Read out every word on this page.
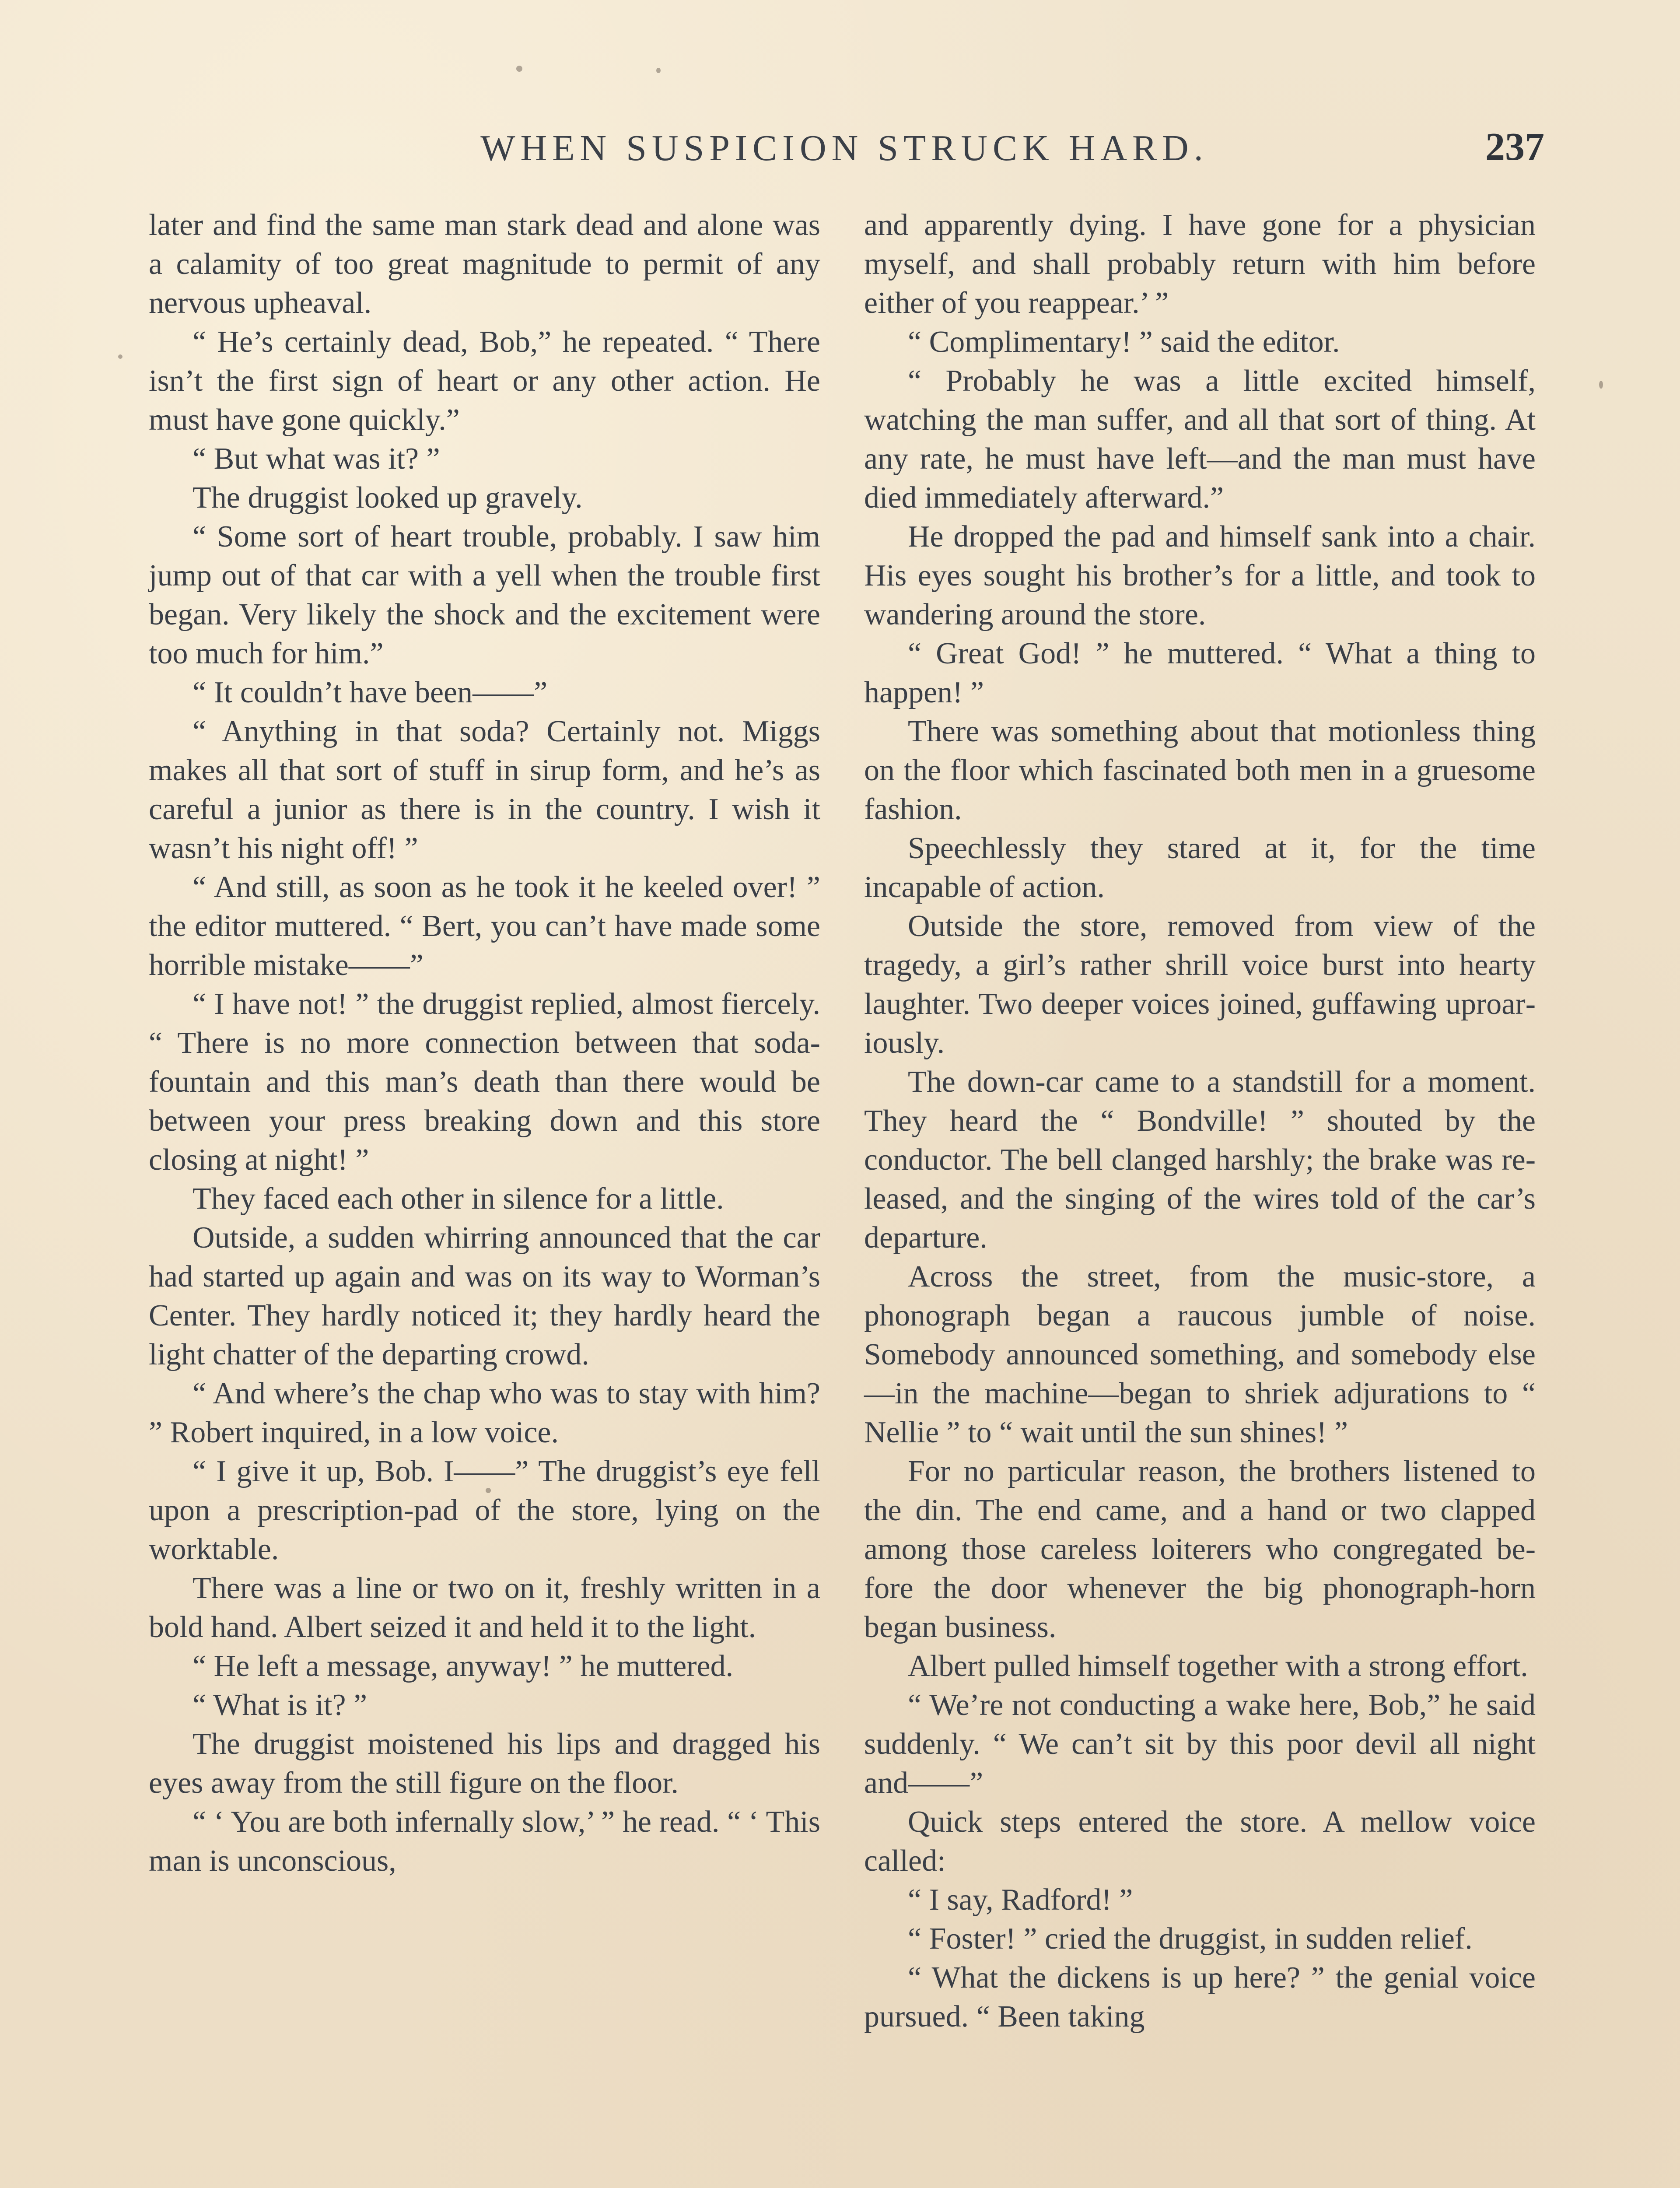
WHEN SUSPICION STRUCK HARD.	237

later and find the same man stark dead and alone was a calamity of too great magnitude to permit of any nervous upheaval.

“ He’s certainly dead, Bob,” he repeated. “ There isn’t the first sign of heart or any other action. He must have gone quickly.”

“ But what was it? ”

The druggist looked up gravely.

“ Some sort of heart trouble, probably. I saw him jump out of that car with a yell when the trouble first began. Very likely the shock and the excitement were too much for him.”

“ It couldn’t have been——”

“ Anything in that soda? Certainly not. Miggs makes all that sort of stuff in sirup form, and he’s as careful a junior as there is in the country. I wish it wasn’t his night off! ”

“ And still, as soon as he took it he keeled over! ” the editor muttered. “ Bert, you can’t have made some horrible mistake——”

“ I have not! ” the druggist replied, almost fiercely. “ There is no more connection between that soda-fountain and this man’s death than there would be between your press breaking down and this store closing at night! ”

They faced each other in silence for a little.

Outside, a sudden whirring announced that the car had started up again and was on its way to Worman’s Center. They hardly noticed it; they hardly heard the light chatter of the departing crowd.

“ And where’s the chap who was to stay with him? ” Robert inquired, in a low voice.

“ I give it up, Bob. I——” The druggist’s eye fell upon a prescription-pad of the store, lying on the worktable.

There was a line or two on it, freshly written in a bold hand. Albert seized it and held it to the light.

“ He left a message, anyway! ” he muttered.

“ What is it? ”

The druggist moistened his lips and dragged his eyes away from the still figure on the floor.

“ ‘ You are both infernally slow,’ ” he read. “ ‘ This man is unconscious,

and apparently dying. I have gone for a physician myself, and shall probably return with him before either of you reappear.’ ”

“ Complimentary! ” said the editor.

“ Probably he was a little excited himself, watching the man suffer, and all that sort of thing. At any rate, he must have left—and the man must have died immediately afterward.”

He dropped the pad and himself sank into a chair. His eyes sought his brother’s for a little, and took to wandering around the store.

“ Great God! ” he muttered. “ What a thing to happen! ”

There was something about that motionless thing on the floor which fascinated both men in a gruesome fashion.

Speechlessly they stared at it, for the time incapable of action.

Outside the store, removed from view of the tragedy, a girl’s rather shrill voice burst into hearty laughter. Two deeper voices joined, guffawing uproariously.

The down-car came to a standstill for a moment. They heard the “ Bondville! ” shouted by the conductor. The bell clanged harshly; the brake was released, and the singing of the wires told of the car’s departure.

Across the street, from the music-store, a phonograph began a raucous jumble of noise. Somebody announced something, and somebody else—in the machine—began to shriek adjurations to “ Nellie ” to “ wait until the sun shines! ”

For no particular reason, the brothers listened to the din. The end came, and a hand or two clapped among those careless loiterers who congregated before the door whenever the big phonograph-horn began business.

Albert pulled himself together with a strong effort.

“ We’re not conducting a wake here, Bob,” he said suddenly. “ We can’t sit by this poor devil all night and——”

Quick steps entered the store. A mellow voice called:

“ I say, Radford! ”

“ Foster! ” cried the druggist, in sudden relief.

“ What the dickens is up here? ” the genial voice pursued. “ Been taking
